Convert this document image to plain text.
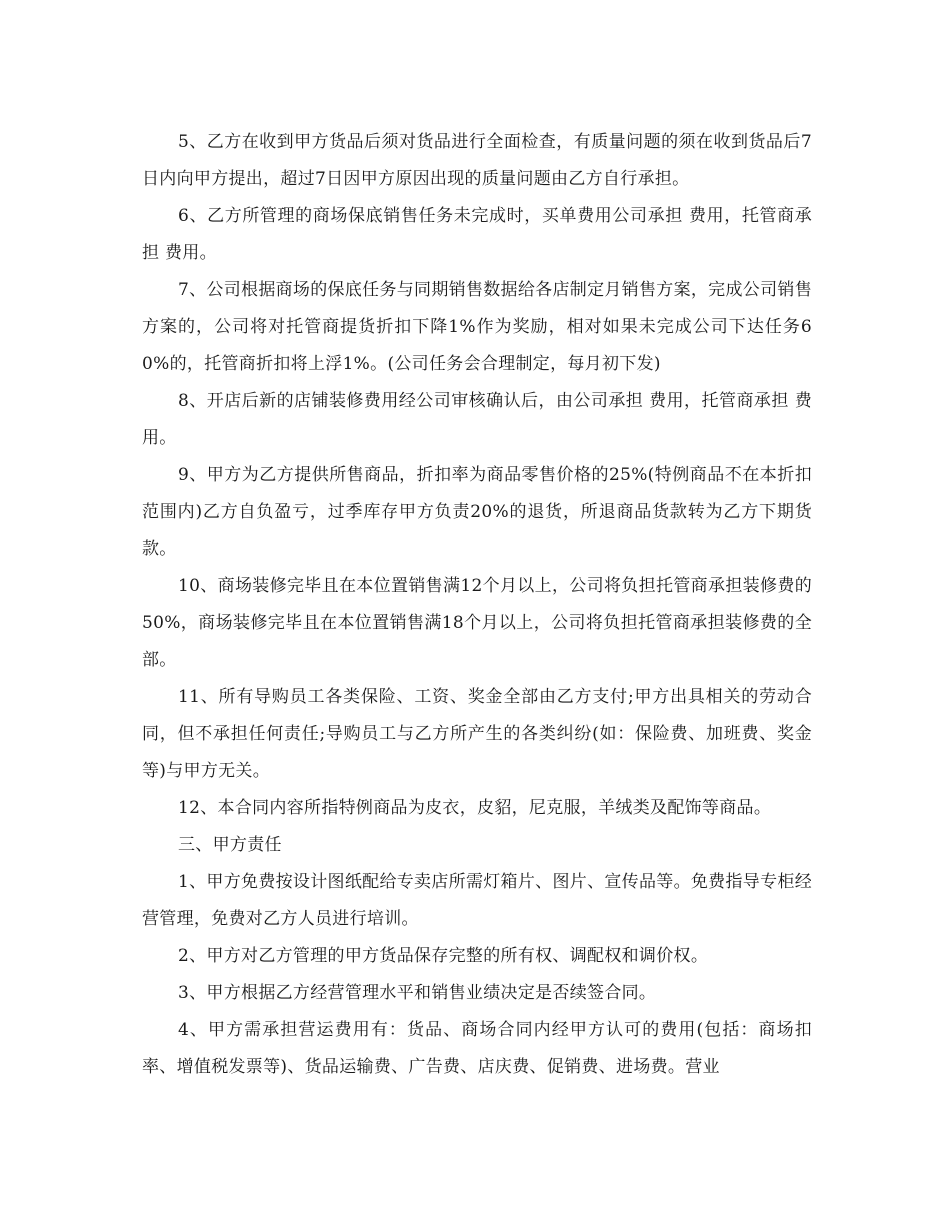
5、乙方在收到甲方货品后须对货品进行全面检查，有质量问题的须在收到货品后7日内向甲方提出，超过7日因甲方原因出现的质量问题由乙方自行承担。

6、乙方所管理的商场保底销售任务未完成时，买单费用公司承担 费用，托管商承担 费用。

7、公司根据商场的保底任务与同期销售数据给各店制定月销售方案，完成公司销售方案的，公司将对托管商提货折扣下降1%作为奖励，相对如果未完成公司下达任务60%的，托管商折扣将上浮1%。(公司任务会合理制定，每月初下发)

8、开店后新的店铺装修费用经公司审核确认后，由公司承担 费用，托管商承担 费用。

9、甲方为乙方提供所售商品，折扣率为商品零售价格的25%(特例商品不在本折扣范围内)乙方自负盈亏，过季库存甲方负责20%的退货，所退商品货款转为乙方下期货款。

10、商场装修完毕且在本位置销售满12个月以上，公司将负担托管商承担装修费的50%，商场装修完毕且在本位置销售满18个月以上，公司将负担托管商承担装修费的全部。

11、所有导购员工各类保险、工资、奖金全部由乙方支付;甲方出具相关的劳动合同，但不承担任何责任;导购员工与乙方所产生的各类纠纷(如：保险费、加班费、奖金等)与甲方无关。

12、本合同内容所指特例商品为皮衣，皮貂，尼克服，羊绒类及配饰等商品。

三、甲方责任

1、甲方免费按设计图纸配给专卖店所需灯箱片、图片、宣传品等。免费指导专柜经营管理，免费对乙方人员进行培训。

2、甲方对乙方管理的甲方货品保存完整的所有权、调配权和调价权。

3、甲方根据乙方经营管理水平和销售业绩决定是否续签合同。

4、甲方需承担营运费用有：货品、商场合同内经甲方认可的费用(包括：商场扣率、增值税发票等)、货品运输费、广告费、店庆费、促销费、进场费。营业
